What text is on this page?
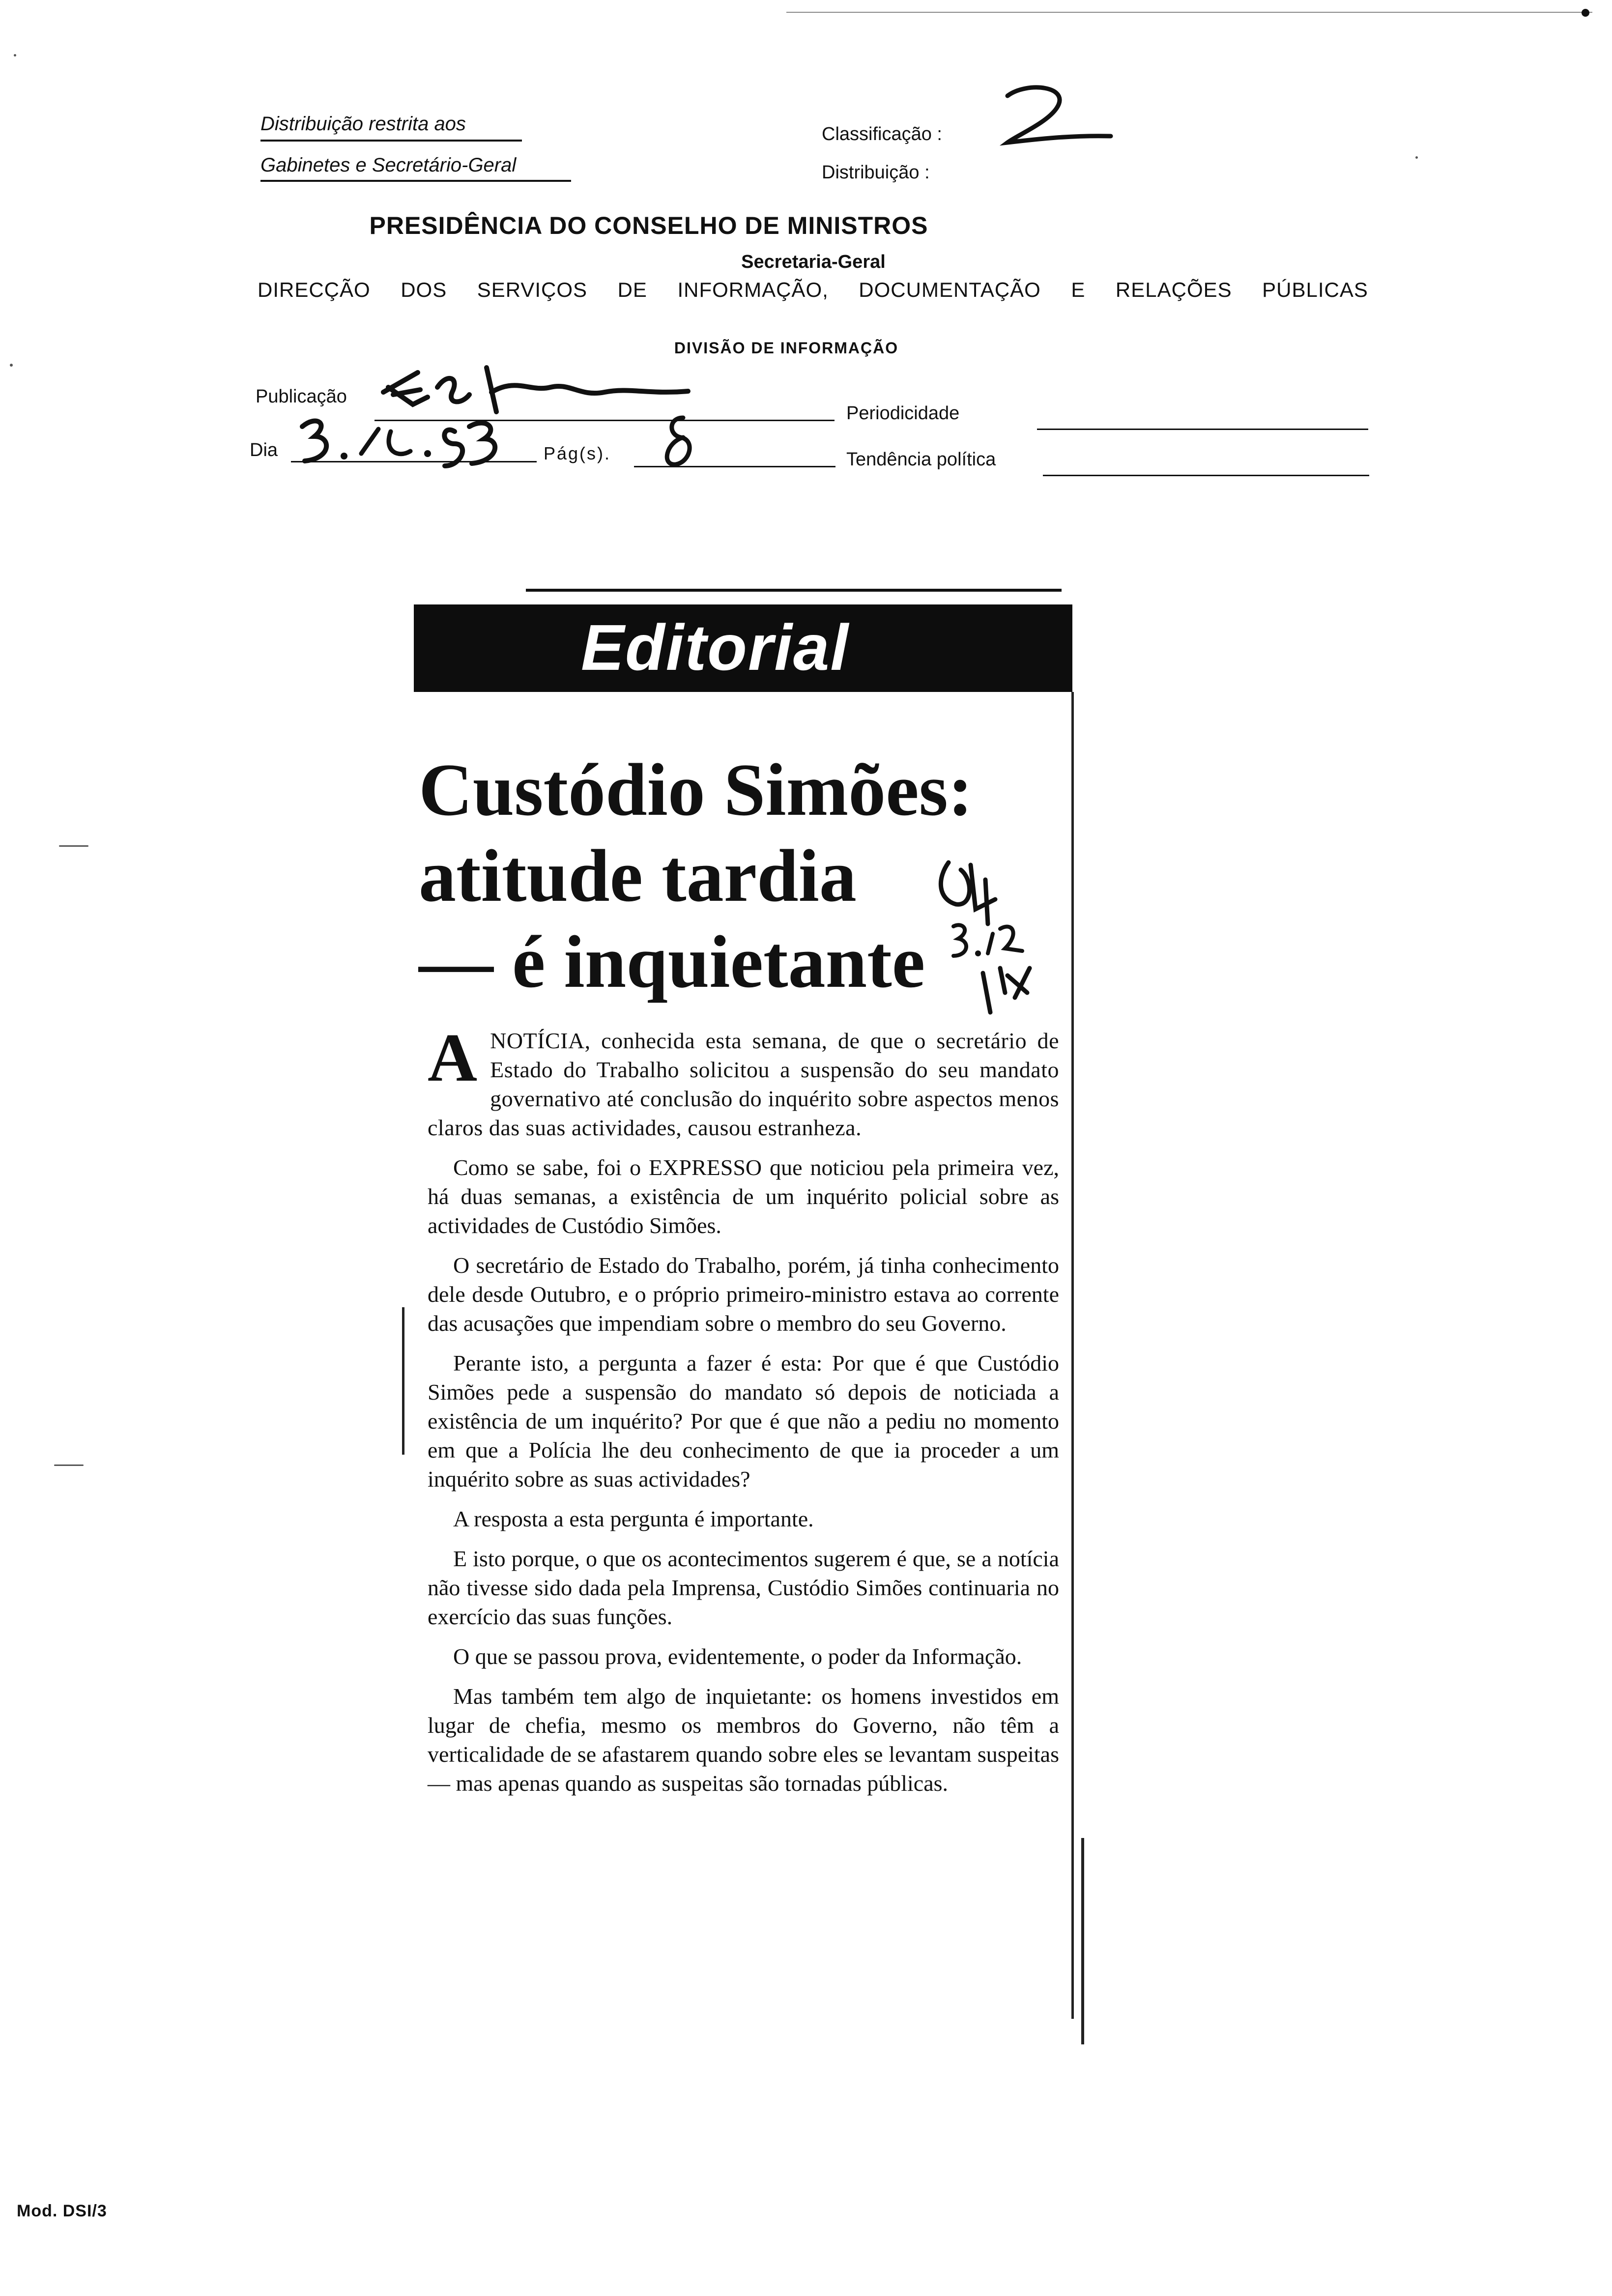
Distribuição restrita aos
Gabinetes e Secretário-Geral
Classificação :
Distribuição :
PRESIDÊNCIA DO CONSELHO DE MINISTROS
Secretaria-Geral
DIRECÇÃO DOS SERVIÇOS DE INFORMAÇÃO, DOCUMENTAÇÃO E RELAÇÕES PÚBLICAS
DIVISÃO DE INFORMAÇÃO
Publicação
Dia	Pág(s).
Periodicidade
Tendência política
Editorial
Custódio Simões:
atitude tardia
— é inquietante

A NOTÍCIA, conhecida esta semana, de que o secretário de Estado do Trabalho solicitou a suspensão do seu mandato governativo até conclusão do inquérito sobre aspectos menos claros das suas actividades, causou estranheza.

Como se sabe, foi o EXPRESSO que noticiou pela primeira vez, há duas semanas, a existência de um inquérito policial sobre as actividades de Custódio Simões.

O secretário de Estado do Trabalho, porém, já tinha conhecimento dele desde Outubro, e o próprio primeiro-ministro estava ao corrente das acusações que impendiam sobre o membro do seu Governo.

Perante isto, a pergunta a fazer é esta: Por que é que Custódio Simões pede a suspensão do mandato só depois de noticiada a existência de um inquérito? Por que é que não a pediu no momento em que a Polícia lhe deu conhecimento de que ia proceder a um inquérito sobre as suas actividades?

A resposta a esta pergunta é importante.

E isto porque, o que os acontecimentos sugerem é que, se a notícia não tivesse sido dada pela Imprensa, Custódio Simões continuaria no exercício das suas funções.

O que se passou prova, evidentemente, o poder da Informação.

Mas também tem algo de inquietante: os homens investidos em lugar de chefia, mesmo os membros do Governo, não têm a verticalidade de se afastarem quando sobre eles se levantam suspeitas — mas apenas quando as suspeitas são tornadas públicas.

Mod. DSI/3
